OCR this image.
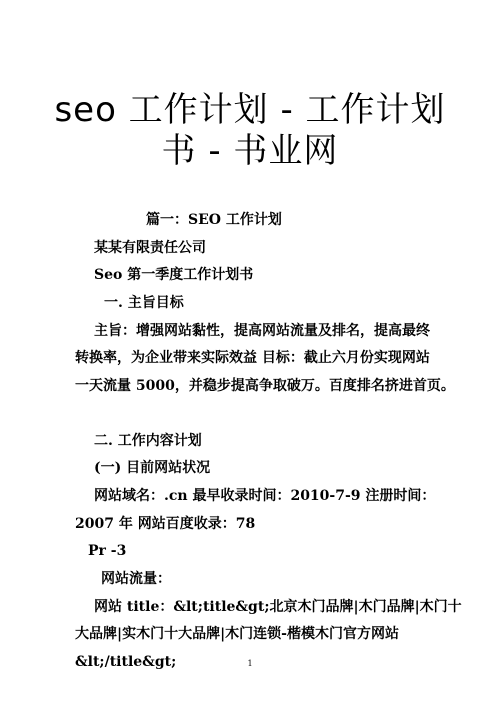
seo 工作计划 - 工作计划
书 - 书业网

篇一：SEO 工作计划

某某有限责任公司

Seo 第一季度工作计划书

一. 主旨目标

主旨：增强网站黏性，提高网站流量及排名，提高最终

转换率，为企业带来实际效益 目标：截止六月份实现网站

一天流量 5000，并稳步提高争取破万。百度排名挤进首页。

二. 工作内容计划

(一) 目前网站状况

网站域名：.cn 最早收录时间：2010-7-9 注册时间：

2007 年 网站百度收录：78

Pr -3

网站流量：

网站 title：&lt;title&gt;北京木门品牌|木门品牌|木门十

大品牌|实木门十大品牌|木门连锁-楷模木门官方网站

&lt;/title&gt;	1
